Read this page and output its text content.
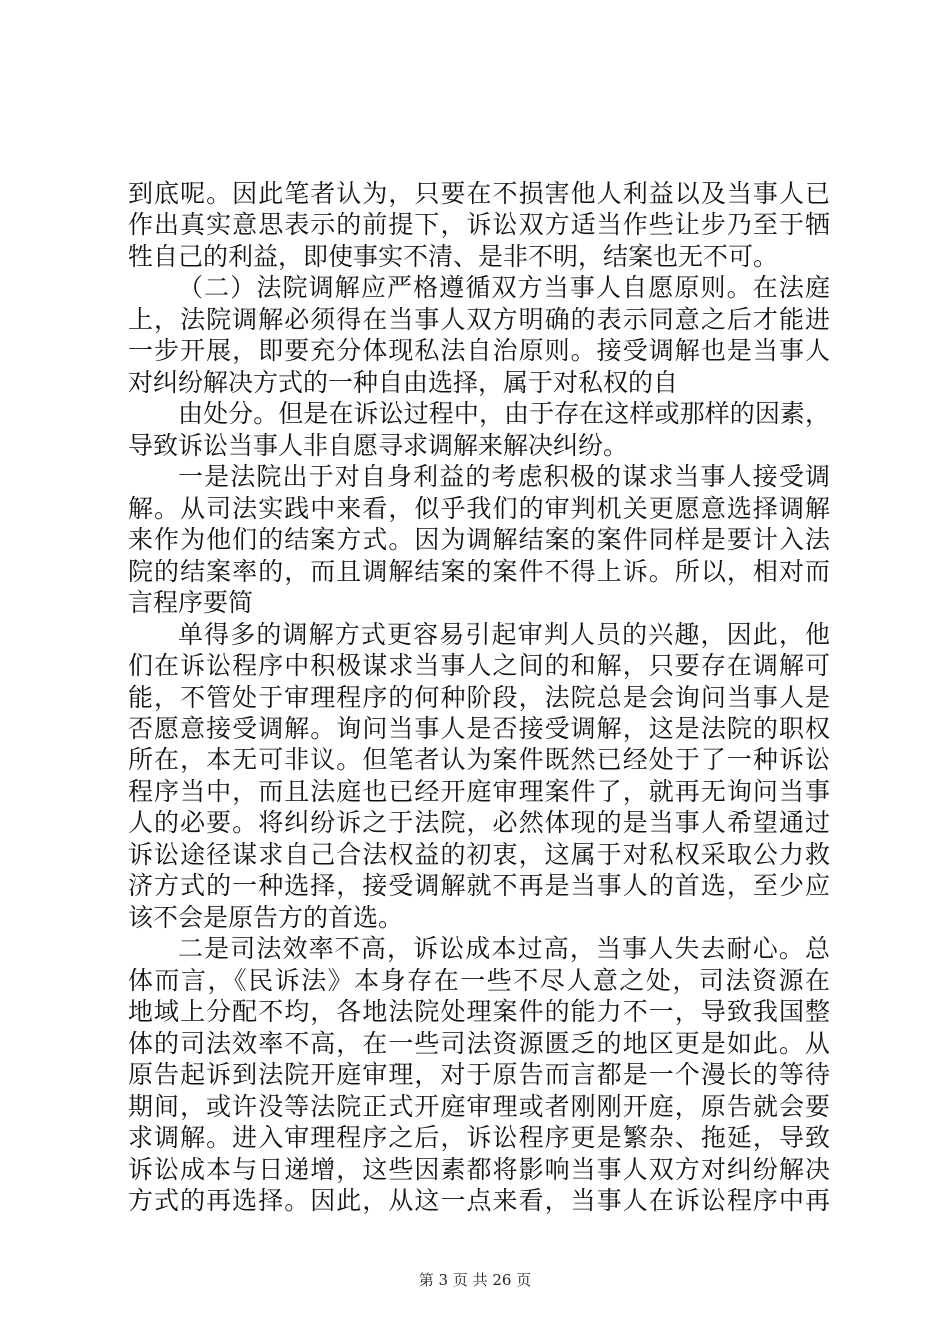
到底呢。因此笔者认为，只要在不损害他人利益以及当事人已
作出真实意思表示的前提下，诉讼双方适当作些让步乃至于牺
牲自己的利益，即使事实不清、是非不明，结案也无不可。
（二）法院调解应严格遵循双方当事人自愿原则。在法庭
上，法院调解必须得在当事人双方明确的表示同意之后才能进
一步开展，即要充分体现私法自治原则。接受调解也是当事人
对纠纷解决方式的一种自由选择，属于对私权的自
由处分。但是在诉讼过程中，由于存在这样或那样的因素，
导致诉讼当事人非自愿寻求调解来解决纠纷。
一是法院出于对自身利益的考虑积极的谋求当事人接受调
解。从司法实践中来看，似乎我们的审判机关更愿意选择调解
来作为他们的结案方式。因为调解结案的案件同样是要计入法
院的结案率的，而且调解结案的案件不得上诉。所以，相对而
言程序要简
单得多的调解方式更容易引起审判人员的兴趣，因此，他
们在诉讼程序中积极谋求当事人之间的和解，只要存在调解可
能，不管处于审理程序的何种阶段，法院总是会询问当事人是
否愿意接受调解。询问当事人是否接受调解，这是法院的职权
所在，本无可非议。但笔者认为案件既然已经处于了一种诉讼
程序当中，而且法庭也已经开庭审理案件了，就再无询问当事
人的必要。将纠纷诉之于法院，必然体现的是当事人希望通过
诉讼途径谋求自己合法权益的初衷，这属于对私权采取公力救
济方式的一种选择，接受调解就不再是当事人的首选，至少应
该不会是原告方的首选。
二是司法效率不高，诉讼成本过高，当事人失去耐心。总
体而言，《民诉法》本身存在一些不尽人意之处，司法资源在
地域上分配不均，各地法院处理案件的能力不一，导致我国整
体的司法效率不高，在一些司法资源匮乏的地区更是如此。从
原告起诉到法院开庭审理，对于原告而言都是一个漫长的等待
期间，或许没等法院正式开庭审理或者刚刚开庭，原告就会要
求调解。进入审理程序之后，诉讼程序更是繁杂、拖延，导致
诉讼成本与日递增，这些因素都将影响当事人双方对纠纷解决
方式的再选择。因此，从这一点来看，当事人在诉讼程序中再
第 3 页 共 26 页
